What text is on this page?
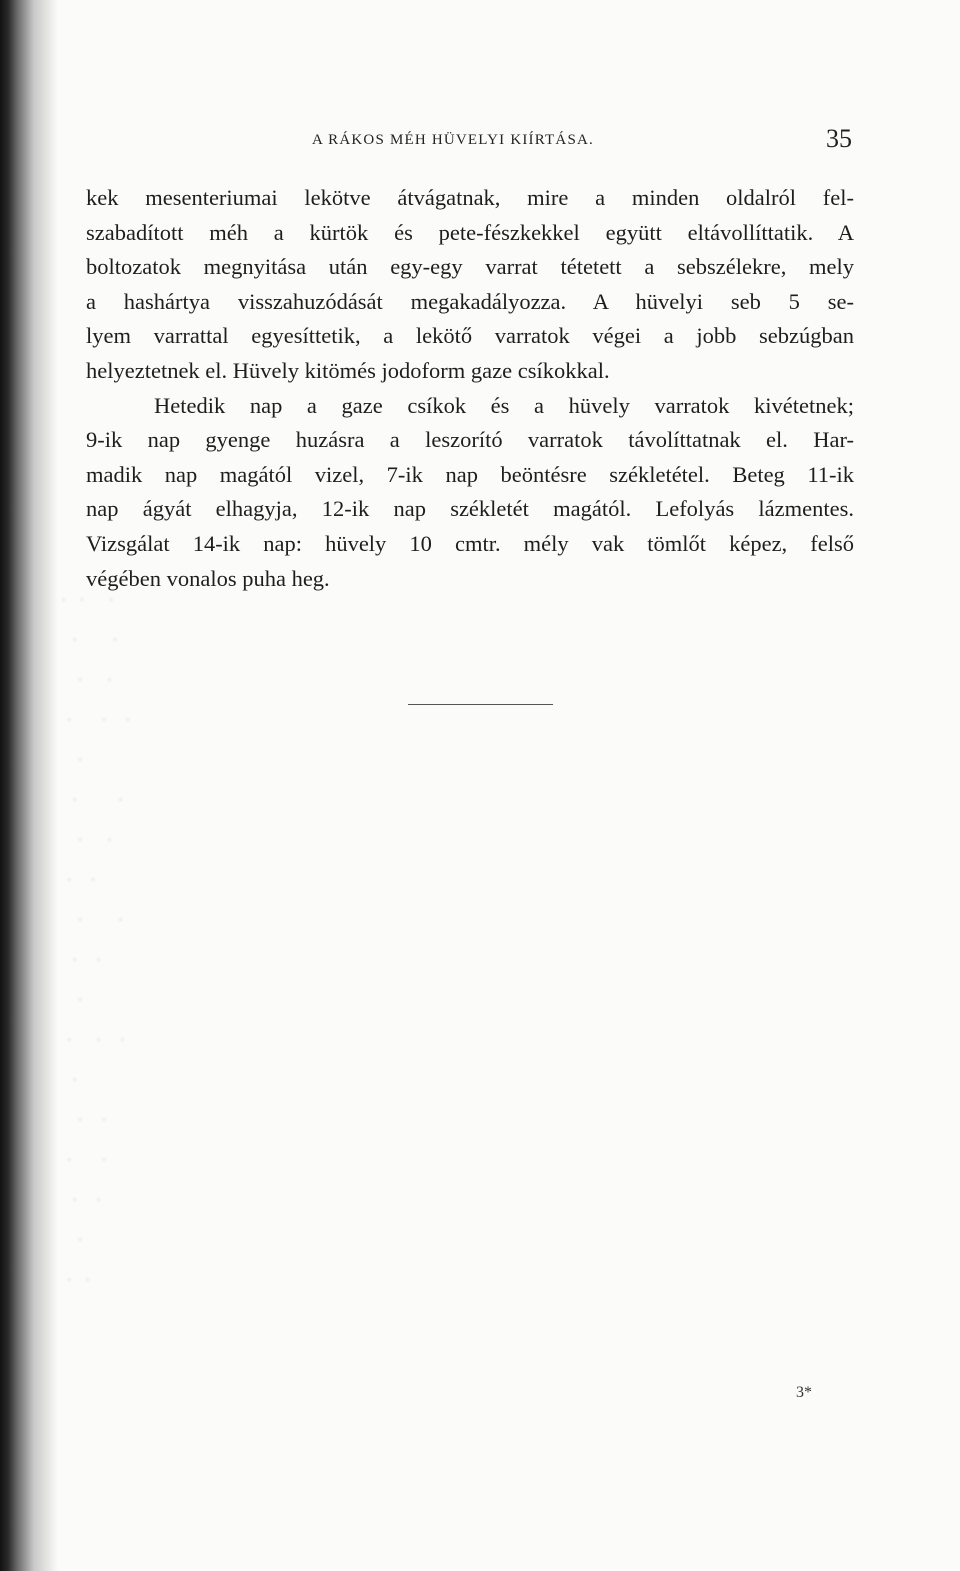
·  ·    ·
·      ·
·    ·
·     ·   ·
·
·       ·
·    ·
·   ·
·      ·
·   ·
·
·    ·   ·
·
·   ·
·     ·
·   ·
·
·  ·
A RÁKOS MÉH HÜVELYI KIÍRTÁSA.	35
kek mesenteriumai lekötve átvágatnak, mire a minden oldalról fel-
szabadított méh a kürtök és pete-fészkekkel együtt eltávollíttatik. A
boltozatok megnyitása után egy-egy varrat tétetett a sebszélekre, mely
a hashártya visszahuzódását megakadályozza. A hüvelyi seb 5 se-
lyem varrattal egyesíttetik, a lekötő varratok végei a jobb sebzúgban
helyeztetnek el. Hüvely kitömés jodoform gaze csíkokkal.
Hetedik nap a gaze csíkok és a hüvely varratok kivétetnek;
9-ik nap gyenge huzásra a leszorító varratok távolíttatnak el. Har-
madik nap magától vizel, 7-ik nap beöntésre székletétel. Beteg 11-ik
nap ágyát elhagyja, 12-ik nap székletét magától. Lefolyás lázmentes.
Vizsgálat 14-ik nap: hüvely 10 cmtr. mély vak tömlőt képez, felső
végében vonalos puha heg.
3*
